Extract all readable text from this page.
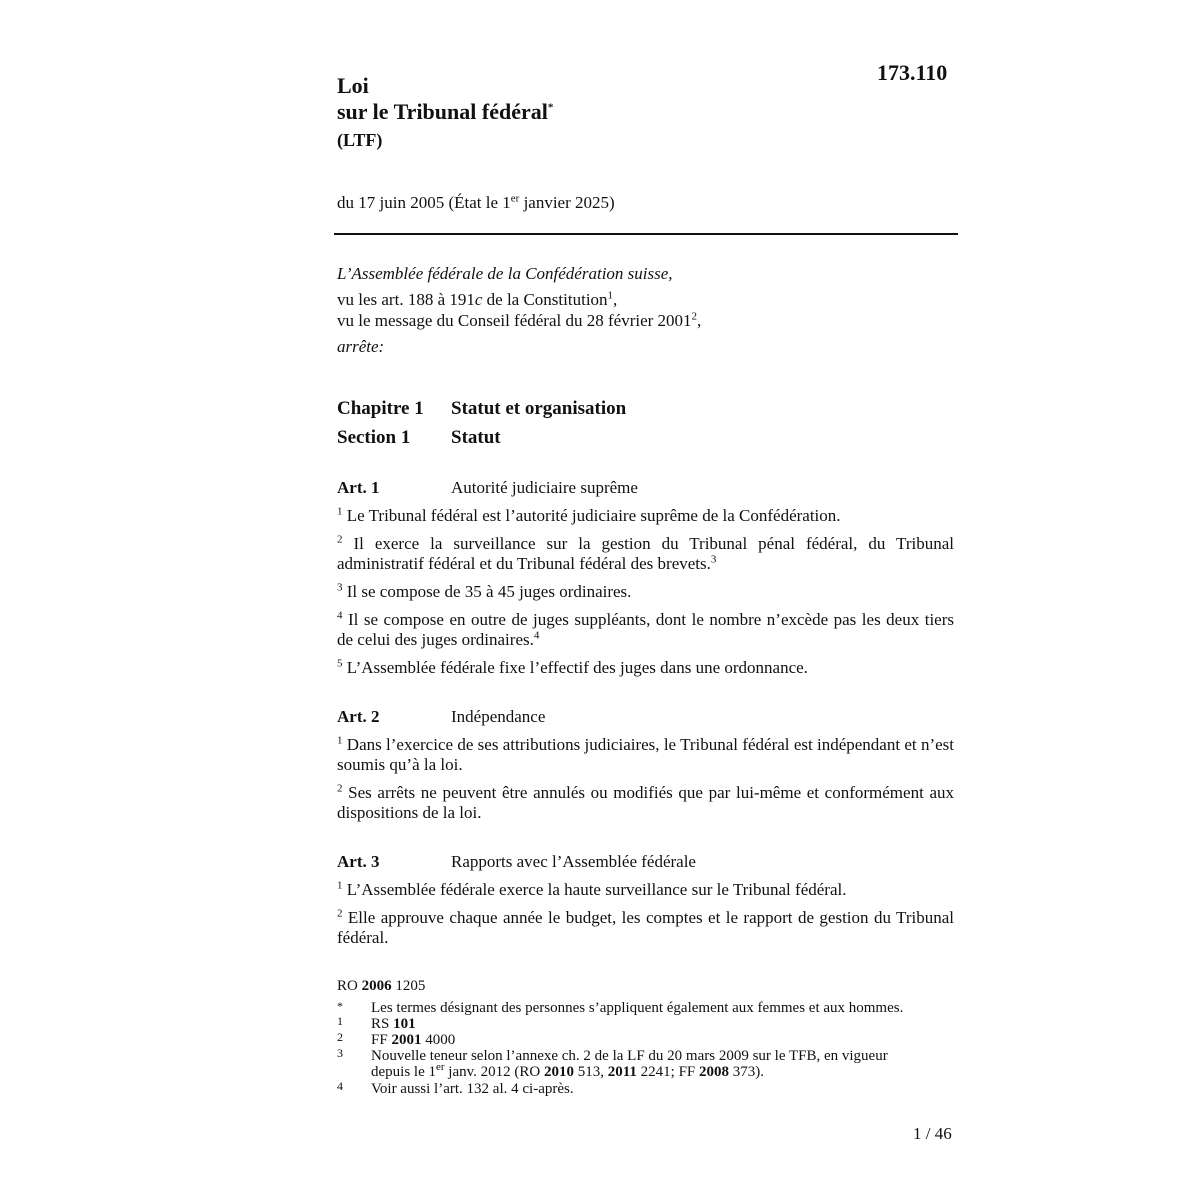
173.110
Loi
sur le Tribunal fédéral*
(LTF)
du 17 juin 2005 (État le 1er janvier 2025)
L’Assemblée fédérale de la Confédération suisse,
vu les art. 188 à 191c de la Constitution$^1$,
vu le message du Conseil fédéral du 28 février 2001$^2$,
arrête:
Chapitre 1 Statut et organisation
Section 1 Statut
Art. 1	Autorité judiciaire suprême
$^1$ Le Tribunal fédéral est l’autorité judiciaire suprême de la Confédération.
$^2$ Il exerce la surveillance sur la gestion du Tribunal pénal fédéral, du Tribunal administratif fédéral et du Tribunal fédéral des brevets.$^3$
$^3$ Il se compose de 35 à 45 juges ordinaires.
$^4$ Il se compose en outre de juges suppléants, dont le nombre n’excède pas les deux tiers de celui des juges ordinaires.$^4$
$^5$ L’Assemblée fédérale fixe l’effectif des juges dans une ordonnance.
Art. 2	Indépendance
$^1$ Dans l’exercice de ses attributions judiciaires, le Tribunal fédéral est indépendant et n’est soumis qu’à la loi.
$^2$ Ses arrêts ne peuvent être annulés ou modifiés que par lui-même et conformément aux dispositions de la loi.
Art. 3	Rapports avec l’Assemblée fédérale
$^1$ L’Assemblée fédérale exerce la haute surveillance sur le Tribunal fédéral.
$^2$ Elle approuve chaque année le budget, les comptes et le rapport de gestion du Tribunal fédéral.
RO 2006 1205
* Les termes désignant des personnes s’appliquent également aux femmes et aux hommes.
1 RS 101
2 FF 2001 4000
3 Nouvelle teneur selon l’annexe ch. 2 de la LF du 20 mars 2009 sur le TFB, en vigueur
depuis le 1er janv. 2012 (RO 2010 513, 2011 2241; FF 2008 373).
4 Voir aussi l’art. 132 al. 4 ci-après.
1 / 46
